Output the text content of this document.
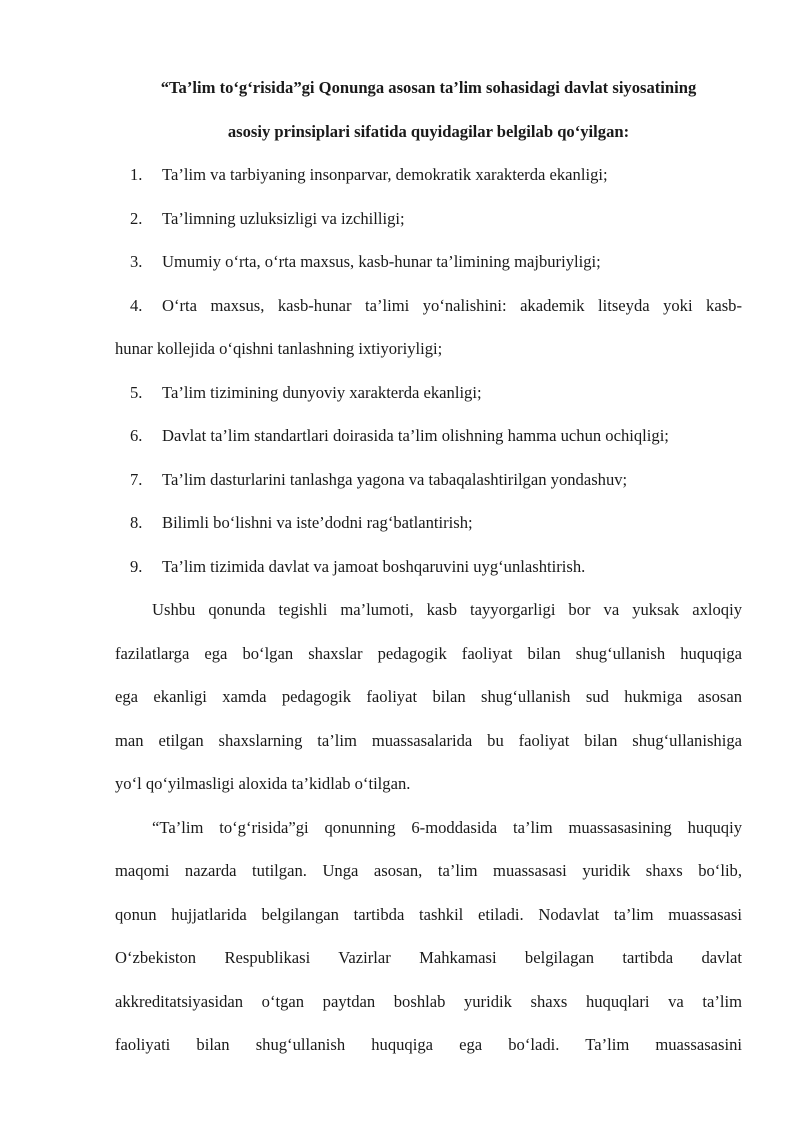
“Ta’lim to‘g‘risida”gi Qonunga asosan ta’lim sohasidagi davlat siyosatining
asosiy prinsiplari sifatida quyidagilar belgilab qo‘yilgan:

1.	Ta’lim va tarbiyaning insonparvar, demokratik xarakterda ekanligi;
2.	Ta’limning uzluksizligi va izchilligi;
3.	Umumiy o‘rta, o‘rta maxsus, kasb-hunar ta’limining majburiyligi;
4.	O‘rta maxsus, kasb-hunar ta’limi yo‘nalishini: akademik litseyda yoki kasb-
hunar kollejida o‘qishni tanlashning ixtiyoriyligi;
5.	Ta’lim tizimining dunyoviy xarakterda ekanligi;
6.	Davlat ta’lim standartlari doirasida ta’lim olishning hamma uchun ochiqligi;
7.	Ta’lim dasturlarini tanlashga yagona va tabaqalashtirilgan yondashuv;
8.	Bilimli bo‘lishni va iste’dodni rag‘batlantirish;
9.	Ta’lim tizimida davlat va jamoat boshqaruvini uyg‘unlashtirish.

Ushbu qonunda tegishli ma’lumoti, kasb tayyorgarligi bor va yuksak axloqiy
fazilatlarga ega bo‘lgan shaxslar pedagogik faoliyat bilan shug‘ullanish huquqiga
ega ekanligi xamda pedagogik faoliyat bilan shug‘ullanish sud hukmiga asosan
man etilgan shaxslarning ta’lim muassasalarida bu faoliyat bilan shug‘ullanishiga
yo‘l qo‘yilmasligi aloxida ta’kidlab o‘tilgan.

“Ta’lim to‘g‘risida”gi qonunning 6-moddasida ta’lim muassasasining huquqiy
maqomi nazarda tutilgan. Unga asosan, ta’lim muassasasi yuridik shaxs bo‘lib,
qonun hujjatlarida belgilangan tartibda tashkil etiladi. Nodavlat ta’lim muassasasi
O‘zbekiston Respublikasi Vazirlar Mahkamasi belgilagan tartibda davlat
akkreditatsiyasidan o‘tgan paytdan boshlab yuridik shaxs huquqlari va ta’lim
faoliyati bilan shug‘ullanish huquqiga ega bo‘ladi. Ta’lim muassasasini
